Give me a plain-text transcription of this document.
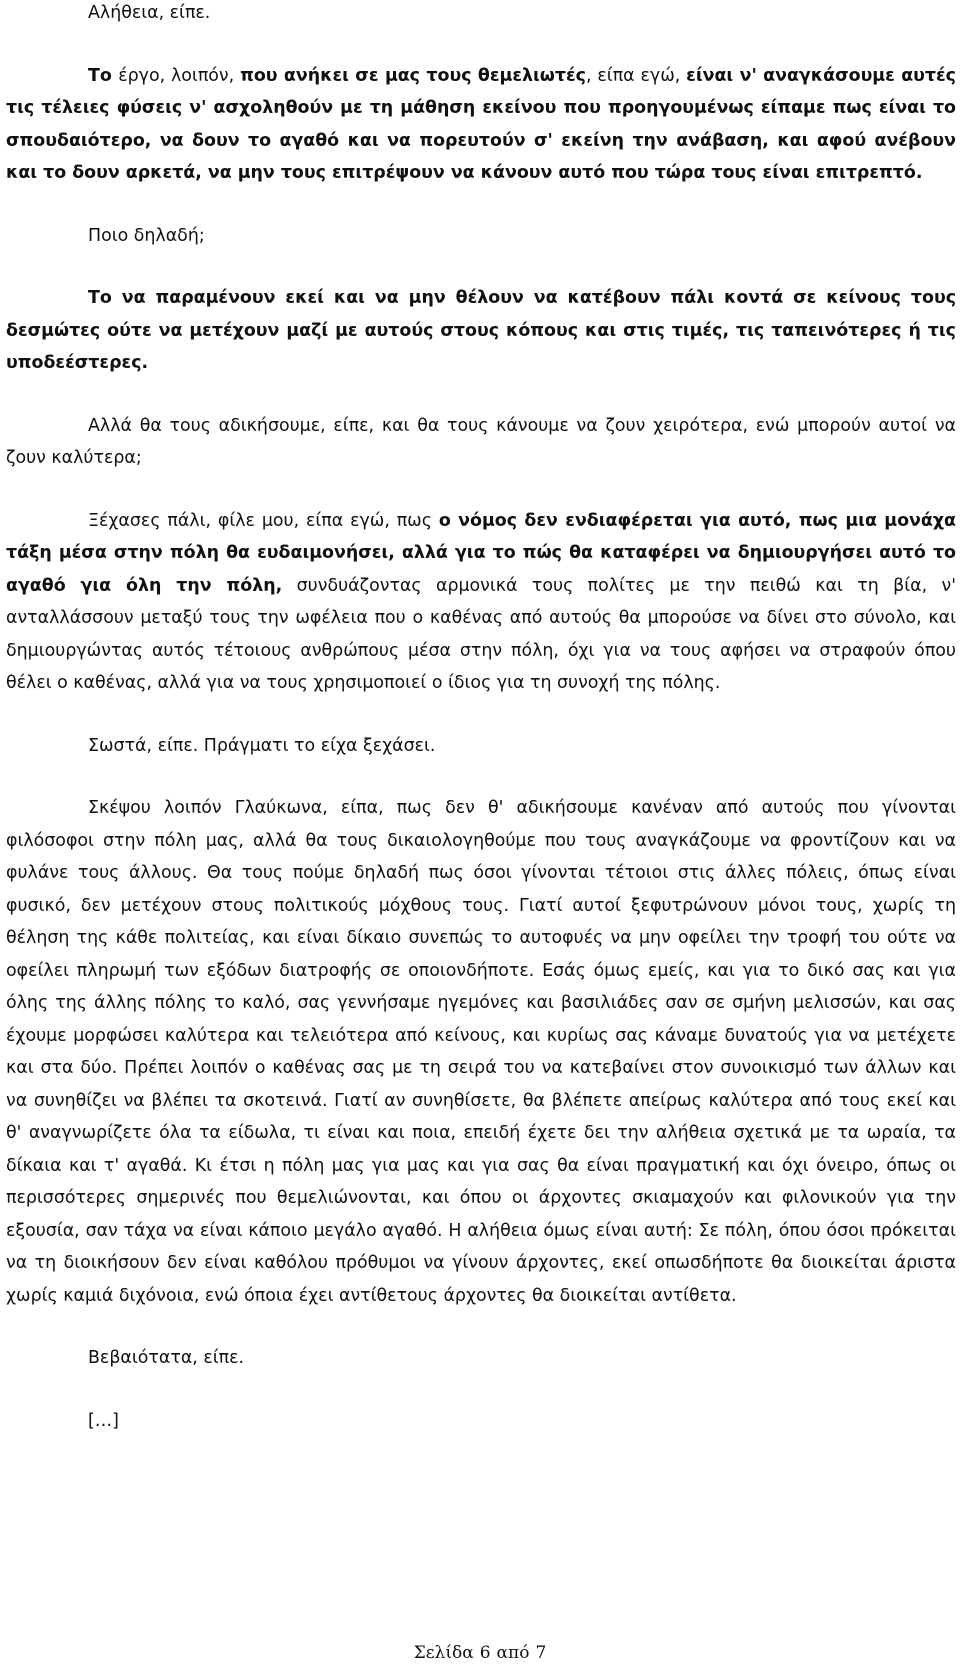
Αλήθεια, είπε.

Το έργο, λοιπόν, που ανήκει σε μας τους θεμελιωτές, είπα εγώ, είναι ν' αναγκάσουμε αυτές τις τέλειες φύσεις ν' ασχοληθούν με τη μάθηση εκείνου που προηγουμένως είπαμε πως είναι το σπουδαιότερο, να δουν το αγαθό και να πορευτούν σ' εκείνη την ανάβαση, και αφού ανέβουν και το δουν αρκετά, να μην τους επιτρέψουν να κάνουν αυτό που τώρα τους είναι επιτρεπτό.

Ποιο δηλαδή;

Το να παραμένουν εκεί και να μην θέλουν να κατέβουν πάλι κοντά σε κείνους τους δεσμώτες ούτε να μετέχουν μαζί με αυτούς στους κόπους και στις τιμές, τις ταπεινότερες ή τις υποδεέστερες.

Αλλά θα τους αδικήσουμε, είπε, και θα τους κάνουμε να ζουν χειρότερα, ενώ μπορούν αυτοί να ζουν καλύτερα;

Ξέχασες πάλι, φίλε μου, είπα εγώ, πως ο νόμος δεν ενδιαφέρεται για αυτό, πως μια μονάχα τάξη μέσα στην πόλη θα ευδαιμονήσει, αλλά για το πώς θα καταφέρει να δημιουργήσει αυτό το αγαθό για όλη την πόλη, συνδυάζοντας αρμονικά τους πολίτες με την πειθώ και τη βία, ν' ανταλλάσσουν μεταξύ τους την ωφέλεια που ο καθένας από αυτούς θα μπορούσε να δίνει στο σύνολο, και δημιουργώντας αυτός τέτοιους ανθρώπους μέσα στην πόλη, όχι για να τους αφήσει να στραφούν όπου θέλει ο καθένας, αλλά για να τους χρησιμοποιεί ο ίδιος για τη συνοχή της πόλης.

Σωστά, είπε. Πράγματι το είχα ξεχάσει.

Σκέψου λοιπόν Γλαύκωνα, είπα, πως δεν θ' αδικήσουμε κανέναν από αυτούς που γίνονται φιλόσοφοι στην πόλη μας, αλλά θα τους δικαιολογηθούμε που τους αναγκάζουμε να φροντίζουν και να φυλάνε τους άλλους. Θα τους πούμε δηλαδή πως όσοι γίνονται τέτοιοι στις άλλες πόλεις, όπως είναι φυσικό, δεν μετέχουν στους πολιτικούς μόχθους τους. Γιατί αυτοί ξεφυτρώνουν μόνοι τους, χωρίς τη θέληση της κάθε πολιτείας, και είναι δίκαιο συνεπώς το αυτοφυές να μην οφείλει την τροφή του ούτε να οφείλει πληρωμή των εξόδων διατροφής σε οποιονδήποτε. Εσάς όμως εμείς, και για το δικό σας και για όλης της άλλης πόλης το καλό, σας γεννήσαμε ηγεμόνες και βασιλιάδες σαν σε σμήνη μελισσών, και σας έχουμε μορφώσει καλύτερα και τελειότερα από κείνους, και κυρίως σας κάναμε δυνατούς για να μετέχετε και στα δύο. Πρέπει λοιπόν ο καθένας σας με τη σειρά του να κατεβαίνει στον συνοικισμό των άλλων και να συνηθίζει να βλέπει τα σκοτεινά. Γιατί αν συνηθίσετε, θα βλέπετε απείρως καλύτερα από τους εκεί και θ' αναγνωρίζετε όλα τα είδωλα, τι είναι και ποια, επειδή έχετε δει την αλήθεια σχετικά με τα ωραία, τα δίκαια και τ' αγαθά. Κι έτσι η πόλη μας για μας και για σας θα είναι πραγματική και όχι όνειρο, όπως οι περισσότερες σημερινές που θεμελιώνονται, και όπου οι άρχοντες σκιαμαχούν και φιλονικούν για την εξουσία, σαν τάχα να είναι κάποιο μεγάλο αγαθό. Η αλήθεια όμως είναι αυτή: Σε πόλη, όπου όσοι πρόκειται να τη διοικήσουν δεν είναι καθόλου πρόθυμοι να γίνουν άρχοντες, εκεί οπωσδήποτε θα διοικείται άριστα χωρίς καμιά διχόνοια, ενώ όποια έχει αντίθετους άρχοντες θα διοικείται αντίθετα.

Βεβαιότατα, είπε.

[…]

Σελίδα 6 από 7
